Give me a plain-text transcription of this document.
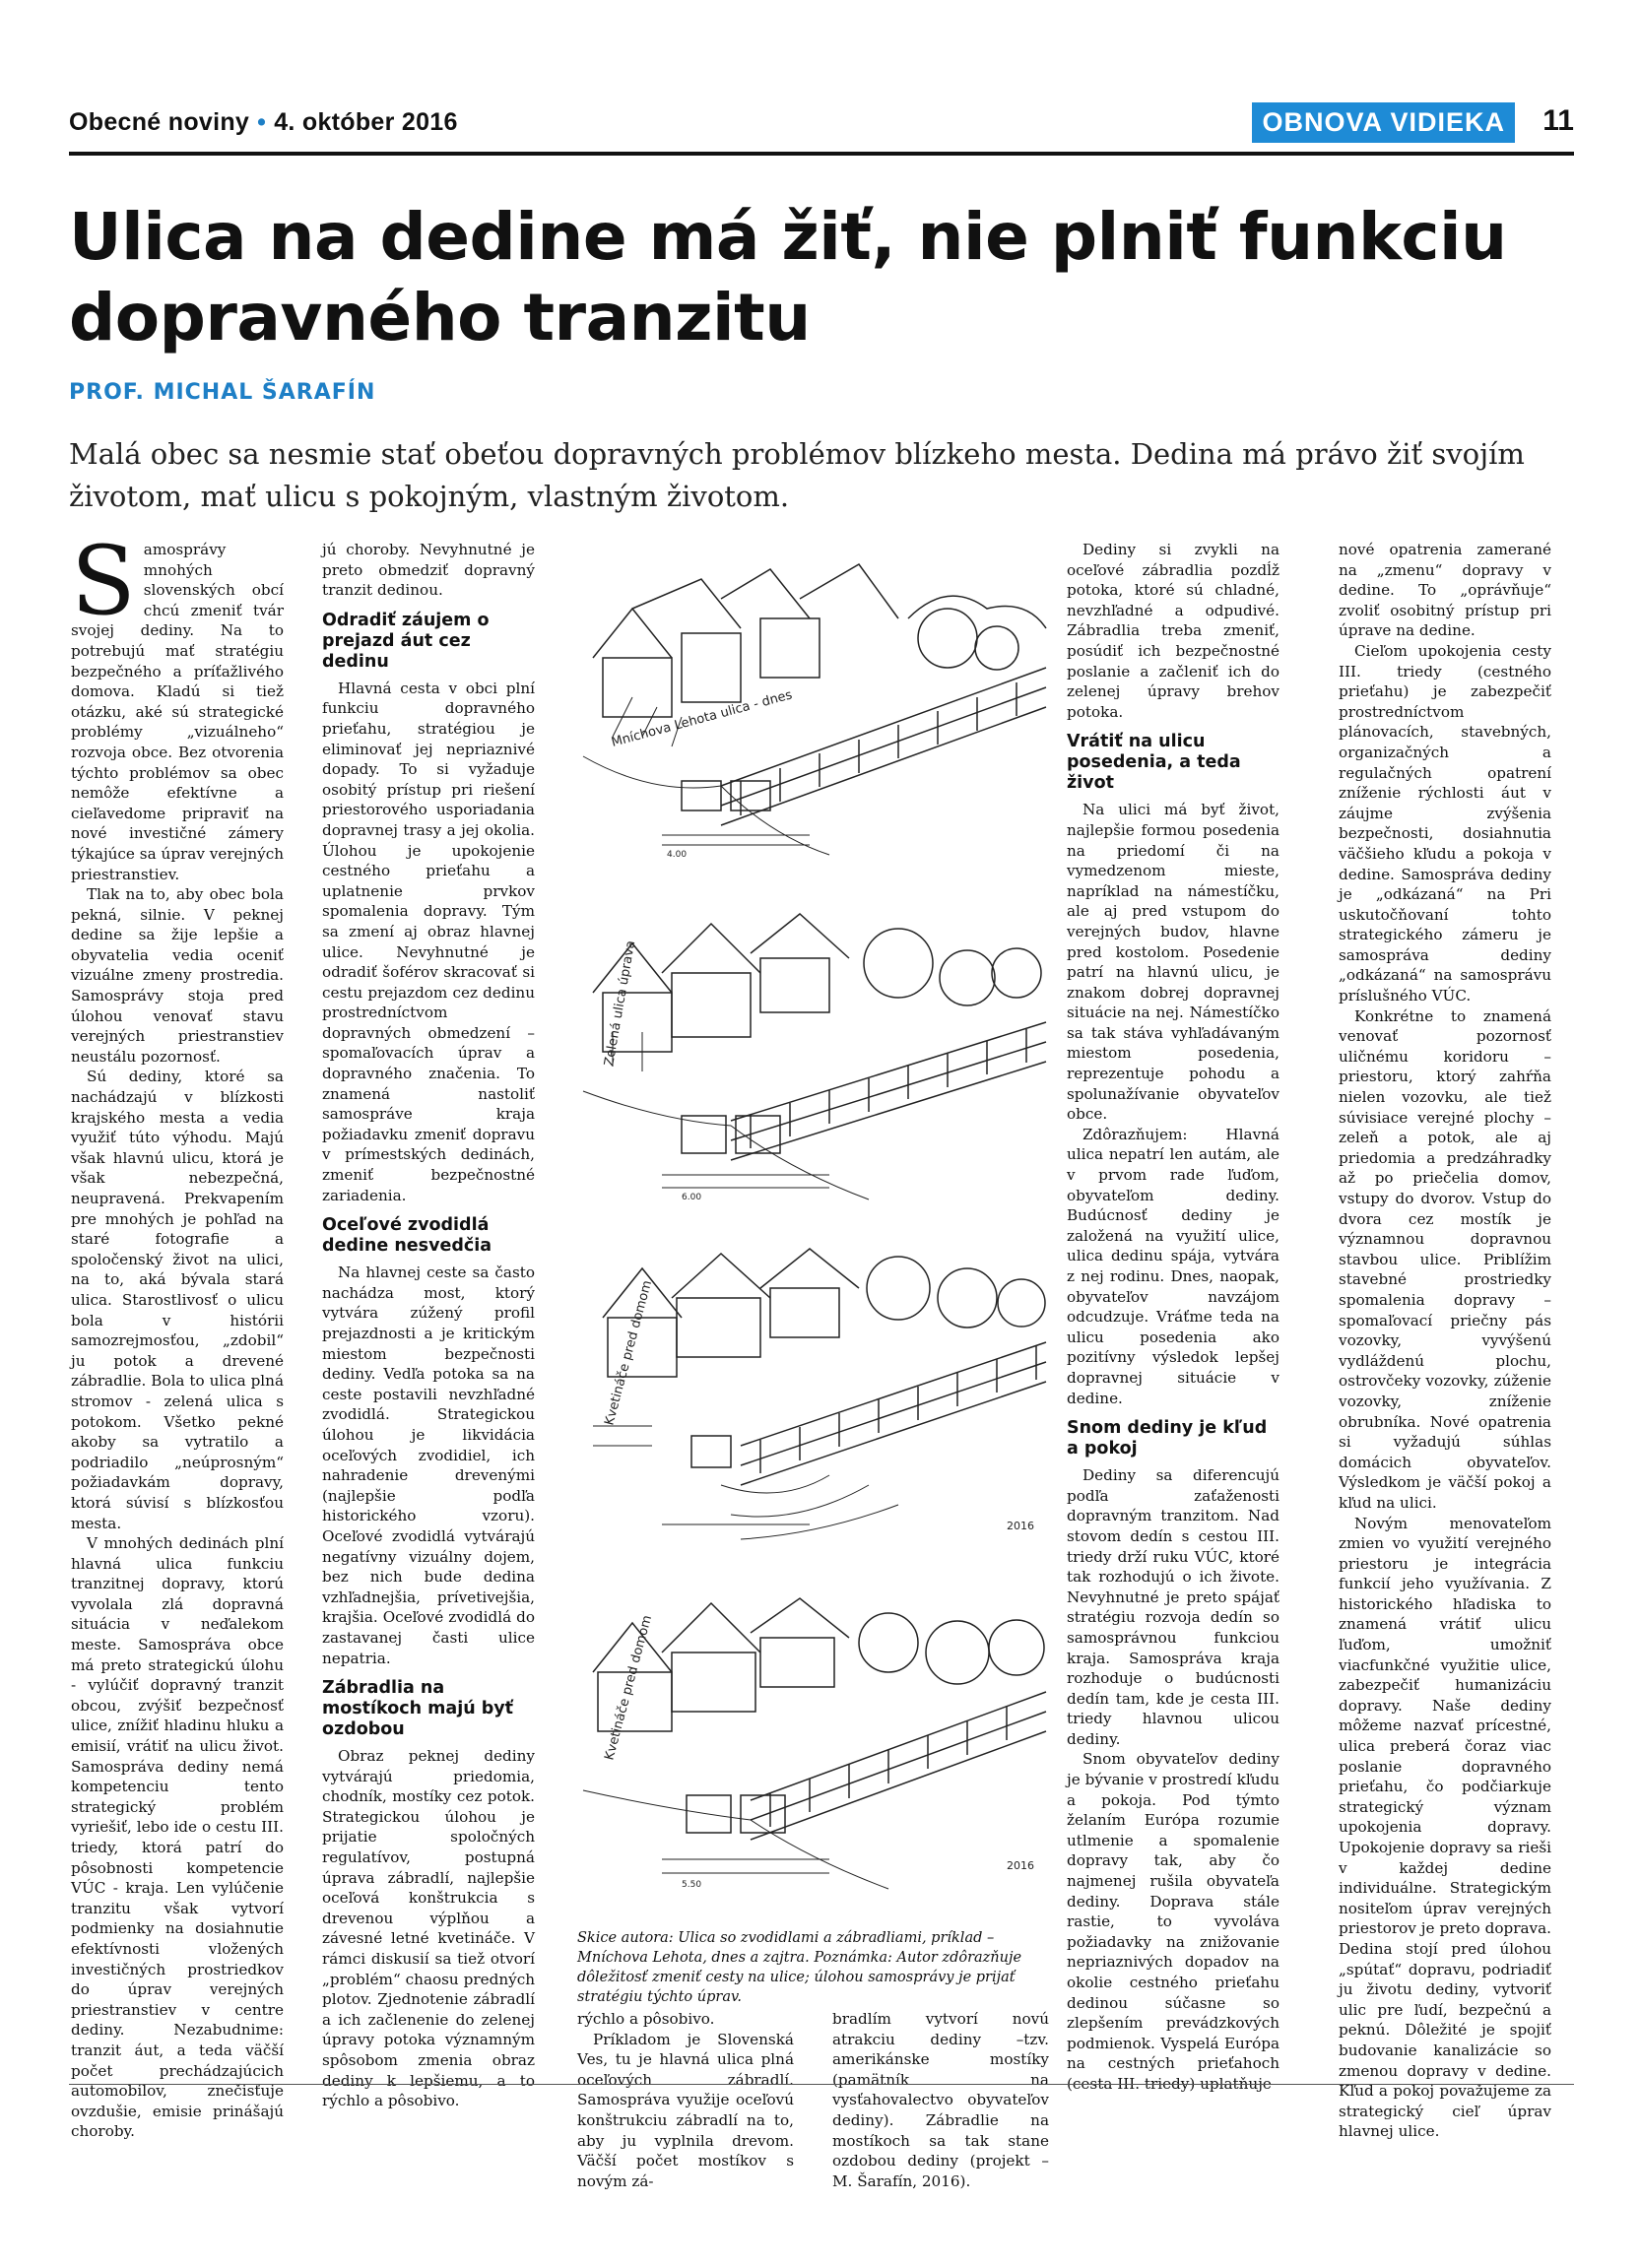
Obecné noviny • 4. október 2016	OBNOVA VIDIEKA	11
Ulica na dedine má žiť, nie plniť funkciu dopravného tranzitu

PROF. MICHAL ŠARAFÍN

Malá obec sa nesmie stať obeťou dopravných problémov blízkeho mesta. Dedina má právo žiť svojím životom, mať ulicu s pokojným, vlastným životom.

Samosprávy mnohých slovenských obcí chcú zmeniť tvár svojej dediny. Na to potrebujú mať stratégiu bezpečného a príťažlivého domova. Kladú si tiež otázku, aké sú strategické problémy „vizuálneho“ rozvoja obce. Bez otvorenia týchto problémov sa obec nemôže efektívne a cieľavedome pripraviť na nové investičné zámery týkajúce sa úprav verejných priestranstiev.

Tlak na to, aby obec bola pekná, silnie. V peknej dedine sa žije lepšie a obyvatelia vedia oceniť vizuálne zmeny prostredia. Samosprávy stoja pred úlohou venovať stavu verejných priestranstiev neustálu pozornosť.

Sú dediny, ktoré sa nachádzajú v blízkosti krajského mesta a vedia využiť túto výhodu. Majú však hlavnú ulicu, ktorá je však nebezpečná, neupravená. Prekvapením pre mnohých je pohľad na staré fotografie a spoločenský život na ulici, na to, aká bývala stará ulica. Starostlivosť o ulicu bola v histórii samozrejmosťou, „zdobil“ ju potok a drevené zábradlie. Bola to ulica plná stromov - zelená ulica s potokom. Všetko pekné akoby sa vytratilo a podriadilo „neúprosným“ požiadavkám dopravy, ktorá súvisí s blízkosťou mesta.

V mnohých dedinách plní hlavná ulica funkciu tranzitnej dopravy, ktorú vyvolala zlá dopravná situácia v neďalekom meste. Samospráva obce má preto strategickú úlohu - vylúčiť dopravný tranzit obcou, zvýšiť bezpečnosť ulice, znížiť hladinu hluku a emisií, vrátiť na ulicu život. Samospráva dediny nemá kompetenciu tento strategický problém vyriešiť, lebo ide o cestu III. triedy, ktorá patrí do pôsobnosti kompetencie VÚC - kraja. Len vylúčenie tranzitu však vytvorí podmienky na dosiahnutie efektívnosti vložených investičných prostriedkov do úprav verejných priestranstiev v centre dediny. Nezabudnime: tranzit áut, a teda väčší počet prechádzajúcich automobilov, znečisťuje ovzdušie, emisie prinášajú choroby.

jú choroby. Nevyhnutné je preto obmedziť dopravný tranzit dedinou.

Odradiť záujem o prejazd áut cez dedinu

Hlavná cesta v obci plní funkciu dopravného prieťahu, stratégiou je eliminovať jej nepriaznivé dopady. To si vyžaduje osobitý prístup pri riešení priestorového usporiadania dopravnej trasy a jej okolia. Úlohou je upokojenie cestného prieťahu a uplatnenie prvkov spomalenia dopravy. Tým sa zmení aj obraz hlavnej ulice. Nevyhnutné je odradiť šoférov skracovať si cestu prejazdom cez dedinu prostredníctvom dopravných obmedzení – spomaľovacích úprav a dopravného značenia. To znamená nastoliť samospráve kraja požiadavku zmeniť dopravu v prímestských dedinách, zmeniť bezpečnostné zariadenia.

Oceľové zvodidlá dedine nesvedčia

Na hlavnej ceste sa často nachádza most, ktorý vytvára zúžený profil prejazdnosti a je kritickým miestom bezpečnosti dediny. Vedľa potoka sa na ceste postavili nevzhľadné zvodidlá. Strategickou úlohou je likvidácia oceľových zvodidiel, ich nahradenie drevenými (najlepšie podľa historického vzoru). Oceľové zvodidlá vytvárajú negatívny vizuálny dojem, bez nich bude dedina vzhľadnejšia, prívetivejšia, krajšia. Oceľové zvodidlá do zastavanej časti ulice nepatria.

Zábradlia na mostíkoch majú byť ozdobou

Obraz peknej dediny vytvárajú priedomia, chodník, mostíky cez potok. Strategickou úlohou je prijatie spoločných regulatívov, postupná úprava zábradlí, najlepšie oceľová konštrukcia s drevenou výplňou a závesné letné kvetináče. V rámci diskusií sa tiež otvorí „problém“ chaosu predných plotov. Zjednotenie zábradlí a ich začlenenie do zelenej úpravy potoka významným spôsobom zmenia obraz dediny k lepšiemu, a to rýchlo a pôsobivo.

Mníchova Lehota ulica - dnes
4.00
Zelená ulica úprava
6.00
Kvetináče pred domom
2016
Kvetináče pred domom
2016
5.50

Skice autora: Ulica so zvodidlami a zábradliami, príklad – Mníchova Lehota, dnes a zajtra. Poznámka: Autor zdôrazňuje dôležitosť zmeniť cesty na ulice; úlohou samosprávy je prijať stratégiu týchto úprav.

rýchlo a pôsobivo.

Príkladom je Slovenská Ves, tu je hlavná ulica plná oceľových zábradlí. Samospráva využije oceľovú konštrukciu zábradlí na to, aby ju vyplnila drevom. Väčší počet mostíkov s novým zá-

bradlím vytvorí novú atrakciu dediny –tzv. amerikánske mostíky (pamätník na vysťahovalectvo obyvateľov dediny). Zábradlie na mostíkoch sa tak stane ozdobou dediny (projekt – M. Šarafín, 2016).

Dediny si zvykli na oceľové zábradlia pozdĺž potoka, ktoré sú chladné, nevzhľadné a odpudivé. Zábradlia treba zmeniť, posúdiť ich bezpečnostné poslanie a začleniť ich do zelenej úpravy brehov potoka.

Vrátiť na ulicu posedenia, a teda život

Na ulici má byť život, najlepšie formou posedenia na priedomí či na vymedzenom mieste, napríklad na námestíčku, ale aj pred vstupom do verejných budov, hlavne pred kostolom. Posedenie patrí na hlavnú ulicu, je znakom dobrej dopravnej situácie na nej. Námestíčko sa tak stáva vyhľadávaným miestom posedenia, reprezentuje pohodu a spolunažívanie obyvateľov obce.

Zdôrazňujem: Hlavná ulica nepatrí len autám, ale v prvom rade ľuďom, obyvateľom dediny. Budúcnosť dediny je založená na využití ulice, ulica dedinu spája, vytvára z nej rodinu. Dnes, naopak, obyvateľov navzájom odcudzuje. Vráťme teda na ulicu posedenia ako pozitívny výsledok lepšej dopravnej situácie v dedine.

Snom dediny je kľud a pokoj

Dediny sa diferencujú podľa zaťaženosti dopravným tranzitom. Nad stovom dedín s cestou III. triedy drží ruku VÚC, ktoré tak rozhodujú o ich živote. Nevyhnutné je preto spájať stratégiu rozvoja dedín so samosprávnou funkciou kraja. Samospráva kraja rozhoduje o budúcnosti dedín tam, kde je cesta III. triedy hlavnou ulicou dediny.

Snom obyvateľov dediny je bývanie v prostredí kľudu a pokoja. Pod týmto želaním Európa rozumie utlmenie a spomalenie dopravy tak, aby čo najmenej rušila obyvateľa dediny. Doprava stále rastie, to vyvoláva požiadavky na znižovanie nepriaznivých dopadov na okolie cestného prieťahu dedinou súčasne so zlepšením prevádzkových podmienok. Vyspelá Európa na cestných prieťahoch (cesta III. triedy) uplatňuje

nové opatrenia zamerané na „zmenu“ dopravy v dedine. To „oprávňuje“ zvoliť osobitný prístup pri úprave na dedine.

Cieľom upokojenia cesty III. triedy (cestného prieťahu) je zabezpečiť prostredníctvom plánovacích, stavebných, organizačných a regulačných opatrení zníženie rýchlosti áut v záujme zvýšenia bezpečnosti, dosiahnutia väčšieho kľudu a pokoja v dedine. Samospráva dediny je „odkázaná“ na Pri uskutočňovaní tohto strategického zámeru je samospráva dediny „odkázaná“ na samosprávu príslušného VÚC.

Konkrétne to znamená venovať pozornosť uličnému koridoru – priestoru, ktorý zahŕňa nielen vozovku, ale tiež súvisiace verejné plochy – zeleň a potok, ale aj priedomia a predzáhradky až po priečelia domov, vstupy do dvorov. Vstup do dvora cez mostík je významnou dopravnou stavbou ulice. Priblížim stavebné prostriedky spomalenia dopravy – spomaľovací priečny pás vozovky, vyvýšenú vydláždenú plochu, ostrovčeky vozovky, zúženie vozovky, zníženie obrubníka. Nové opatrenia si vyžadujú súhlas domácich obyvateľov. Výsledkom je väčší pokoj a kľud na ulici.

Novým menovateľom zmien vo využití verejného priestoru je integrácia funkcií jeho využívania. Z historického hľadiska to znamená vrátiť ulicu ľuďom, umožniť viacfunkčné využitie ulice, zabezpečiť humanizáciu dopravy. Naše dediny môžeme nazvať prícestné, ulica preberá čoraz viac poslanie dopravného prieťahu, čo podčiarkuje strategický význam upokojenia dopravy. Upokojenie dopravy sa rieši v každej dedine individuálne. Strategickým nositeľom úprav verejných priestorov je preto doprava. Dedina stojí pred úlohou „spútať“ dopravu, podriadiť ju životu dediny, vytvoriť ulic pre ľudí, bezpečnú a peknú. Dôležité je spojiť budovanie kanalizácie so zmenou dopravy v dedine. Kľud a pokoj považujeme za strategický cieľ úprav hlavnej ulice.
